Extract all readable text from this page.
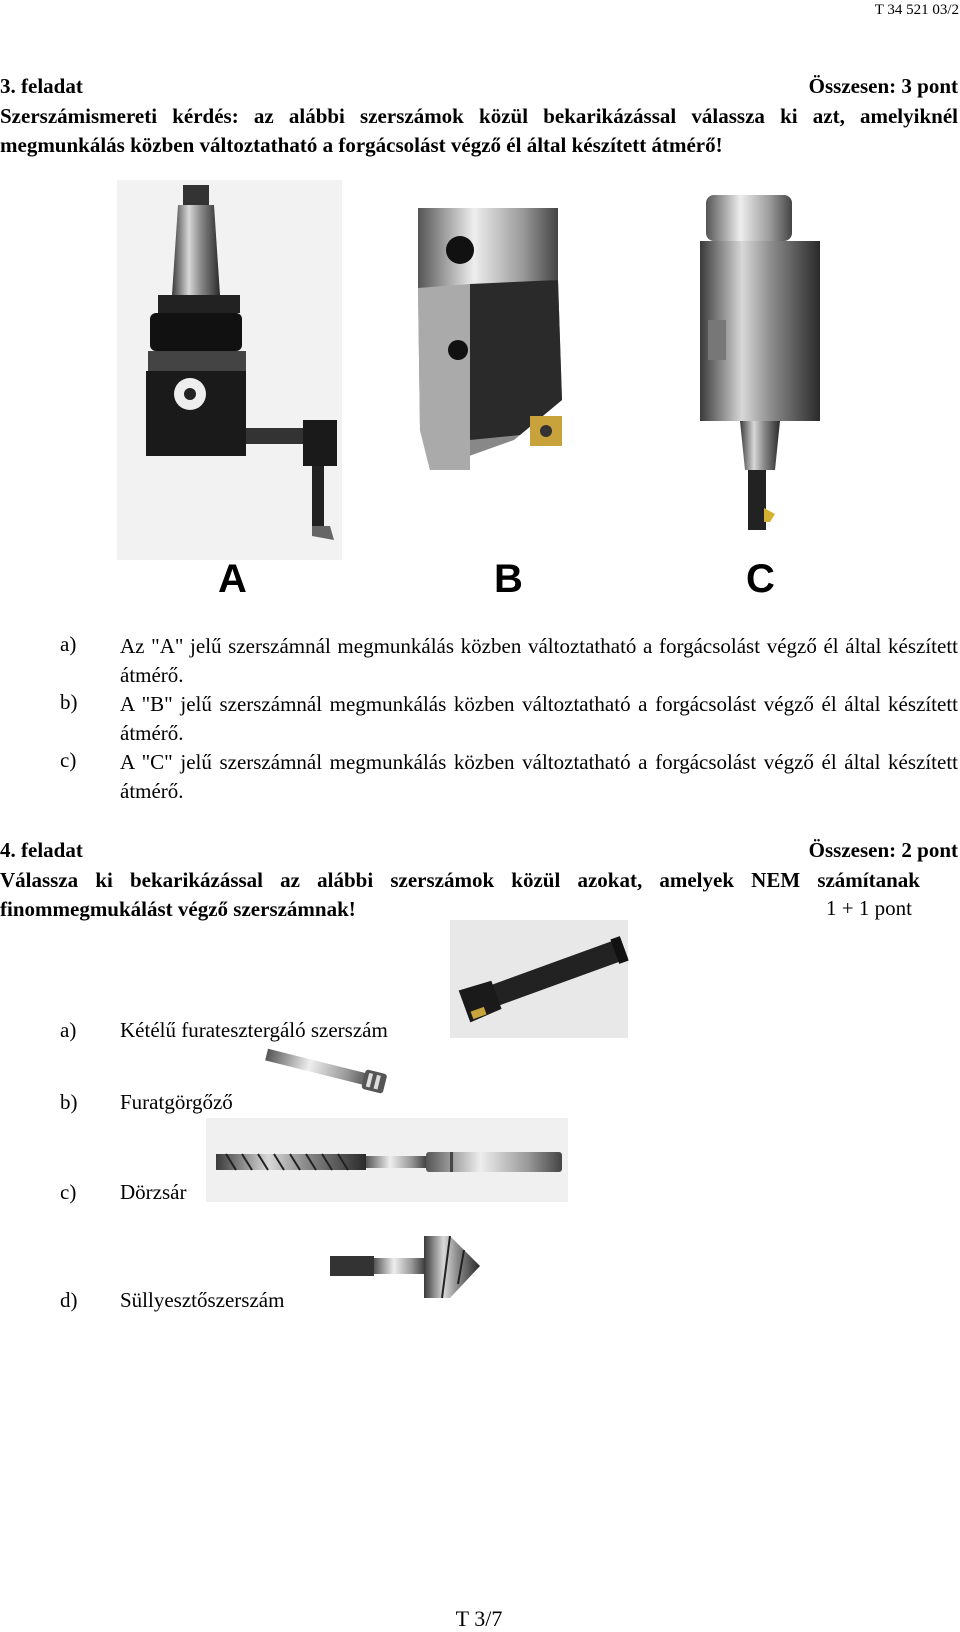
T 34 521 03/2
3. feladat	Összesen: 3 pont
Szerszámismereti kérdés: az alábbi szerszámok közül bekarikázással válassza ki azt, amelyiknél megmunkálás közben változtatható a forgácsolást végző él által készített átmérő!
A	B	C
a) Az "A" jelű szerszámnál megmunkálás közben változtatható a forgácsolást végző él által készített átmérő.
b) A "B" jelű szerszámnál megmunkálás közben változtatható a forgácsolást végző él által készített átmérő.
c) A "C" jelű szerszámnál megmunkálás közben változtatható a forgácsolást végző él által készített átmérő.
4. feladat	Összesen: 2 pont
Válassza ki bekarikázással az alábbi szerszámok közül azokat, amelyek NEM számítanak finommegmukálást végző szerszámnak!	1 + 1 pont
a) Kétélű furatesztergáló szerszám
b) Furatgörgőző
c) Dörzsár
d) Süllyesztőszerszám
T 3/7
